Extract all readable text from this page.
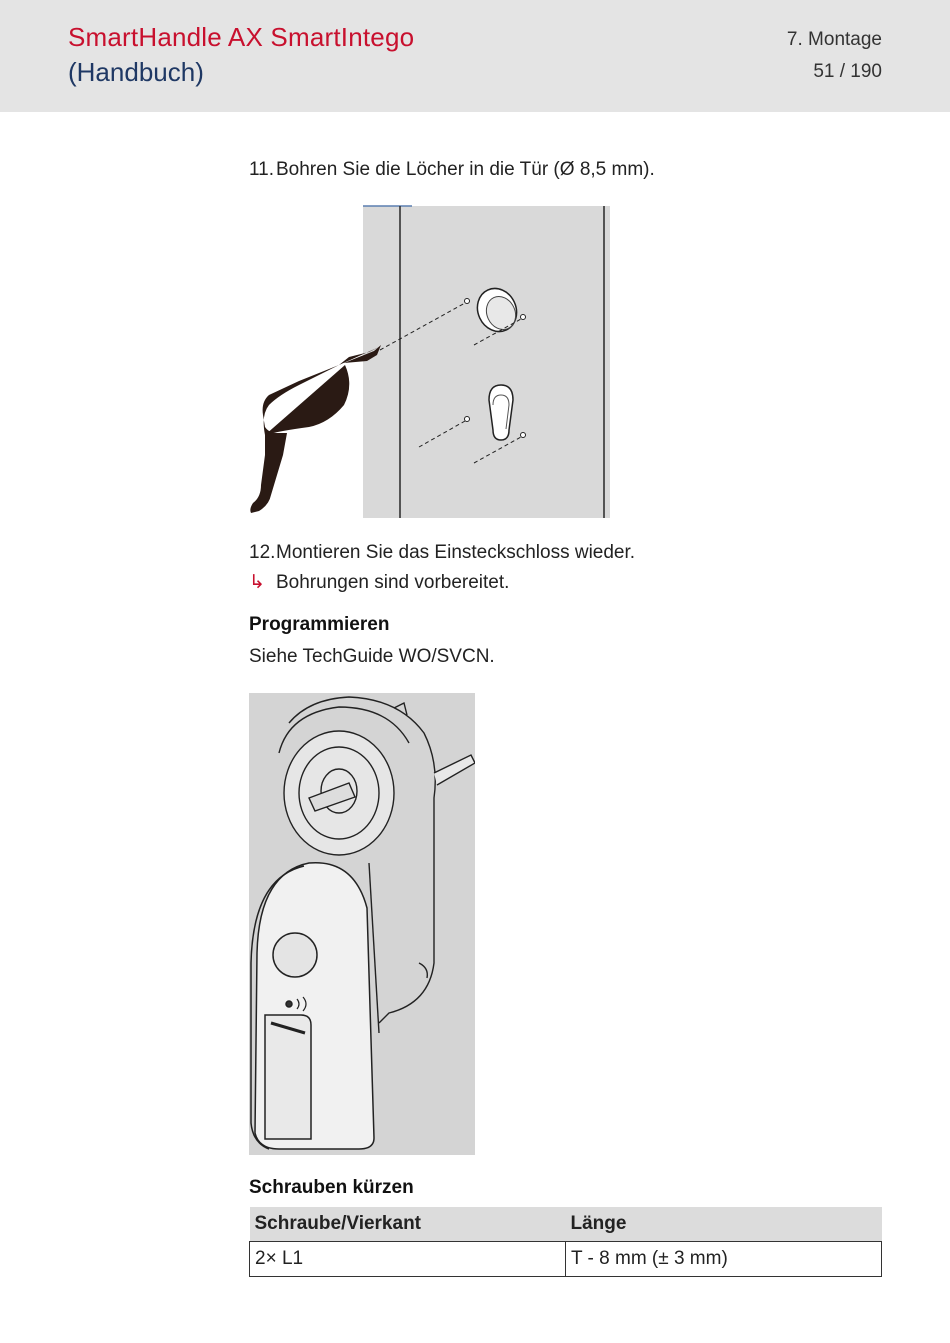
SmartHandle AX SmartIntego
(Handbuch)
7. Montage
51 / 190
11. Bohren Sie die Löcher in die Tür (Ø 8,5 mm).
12.Montieren Sie das Einsteckschloss wieder.
↳ Bohrungen sind vorbereitet.
Programmieren
Siehe TechGuide WO/SVCN.
Schrauben kürzen
Schraube/Vierkant	Länge
2× L1	T - 8 mm (± 3 mm)
